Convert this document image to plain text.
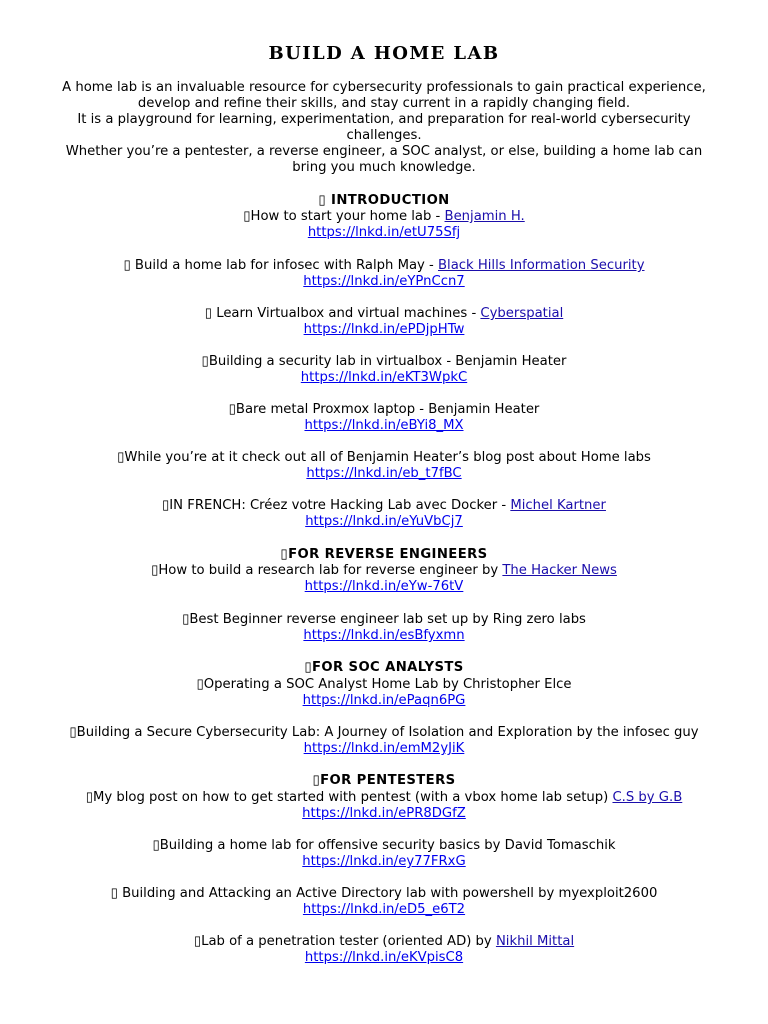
BUILD A HOME LAB
A home lab is an invaluable resource for cybersecurity professionals to gain practical experience,
develop and refine their skills, and stay current in a rapidly changing field.
It is a playground for learning, experimentation, and preparation for real-world cybersecurity
challenges.
Whether you’re a pentester, a reverse engineer, a SOC analyst, or else, building a home lab can
bring you much knowledge.
▯ INTRODUCTION
▯How to start your home lab - Benjamin H.
https://lnkd.in/etU75Sfj
▯ Build a home lab for infosec with Ralph May - Black Hills Information Security
https://lnkd.in/eYPnCcn7
▯ Learn Virtualbox and virtual machines - Cyberspatial
https://lnkd.in/ePDjpHTw
▯Building a security lab in virtualbox - Benjamin Heater
https://lnkd.in/eKT3WpkC
▯Bare metal Proxmox laptop - Benjamin Heater
https://lnkd.in/eBYi8_MX
▯While you’re at it check out all of Benjamin Heater’s blog post about Home labs
https://lnkd.in/eb_t7fBC
▯IN FRENCH: Créez votre Hacking Lab avec Docker - Michel Kartner
https://lnkd.in/eYuVbCj7
▯FOR REVERSE ENGINEERS
▯How to build a research lab for reverse engineer by The Hacker News
https://lnkd.in/eYw-76tV
▯Best Beginner reverse engineer lab set up by Ring zero labs
https://lnkd.in/esBfyxmn
▯FOR SOC ANALYSTS
▯Operating a SOC Analyst Home Lab by Christopher Elce
https://lnkd.in/ePaqn6PG
▯Building a Secure Cybersecurity Lab: A Journey of Isolation and Exploration by the infosec guy
https://lnkd.in/emM2yJiK
▯FOR PENTESTERS
▯My blog post on how to get started with pentest (with a vbox home lab setup) C.S by G.B
https://lnkd.in/ePR8DGfZ
▯Building a home lab for offensive security basics by David Tomaschik
https://lnkd.in/ey77FRxG
▯ Building and Attacking an Active Directory lab with powershell by myexploit2600
https://lnkd.in/eD5_e6T2
▯Lab of a penetration tester (oriented AD) by Nikhil Mittal
https://lnkd.in/eKVpisC8
